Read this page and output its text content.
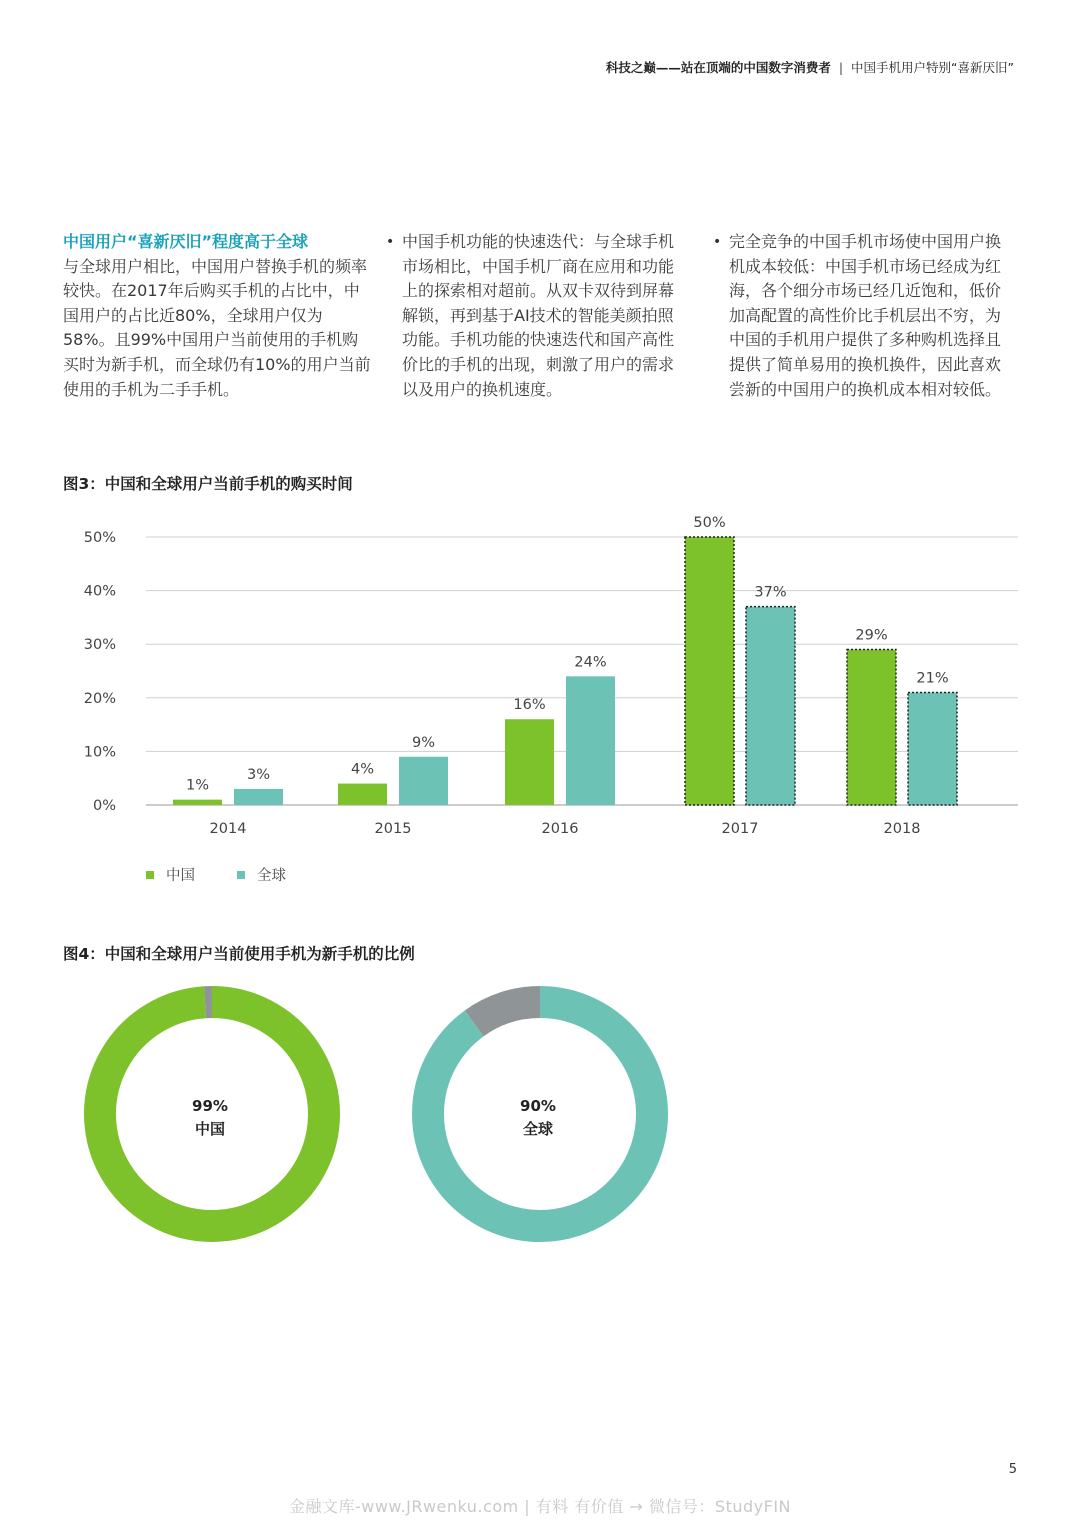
科技之巅——站在顶端的中国数字消费者 | 中国手机用户特别“喜新厌旧”
中国用户“喜新厌旧”程度高于全球
与全球用户相比，中国用户替换手机的频率较快。在2017年后购买手机的占比中，中国用户的占比近80%，全球用户仅为58%。且99%中国用户当前使用的手机购买时为新手机，而全球仍有10%的用户当前使用的手机为二手手机。
• 中国手机功能的快速迭代：与全球手机市场相比，中国手机厂商在应用和功能上的探索相对超前。从双卡双待到屏幕解锁，再到基于AI技术的智能美颜拍照功能。手机功能的快速迭代和国产高性价比的手机的出现，刺激了用户的需求以及用户的换机速度。
• 完全竞争的中国手机市场使中国用户换机成本较低：中国手机市场已经成为红海，各个细分市场已经几近饱和，低价加高配置的高性价比手机层出不穷，为中国的手机用户提供了多种购机选择且提供了简单易用的换机换件，因此喜欢尝新的中国用户的换机成本相对较低。
图3：中国和全球用户当前手机的购买时间
0%
10%
20%
30%
40%
50%
1%
3%
2014
4%
9%
2015
16%
24%
2016
50%
37%
2017
29%
21%
2018
中国	全球
图4：中国和全球用户当前使用手机为新手机的比例
99%
中国
90%
全球
5
金融文库-www.JRwenku.com | 有料 有价值 → 微信号：StudyFIN
